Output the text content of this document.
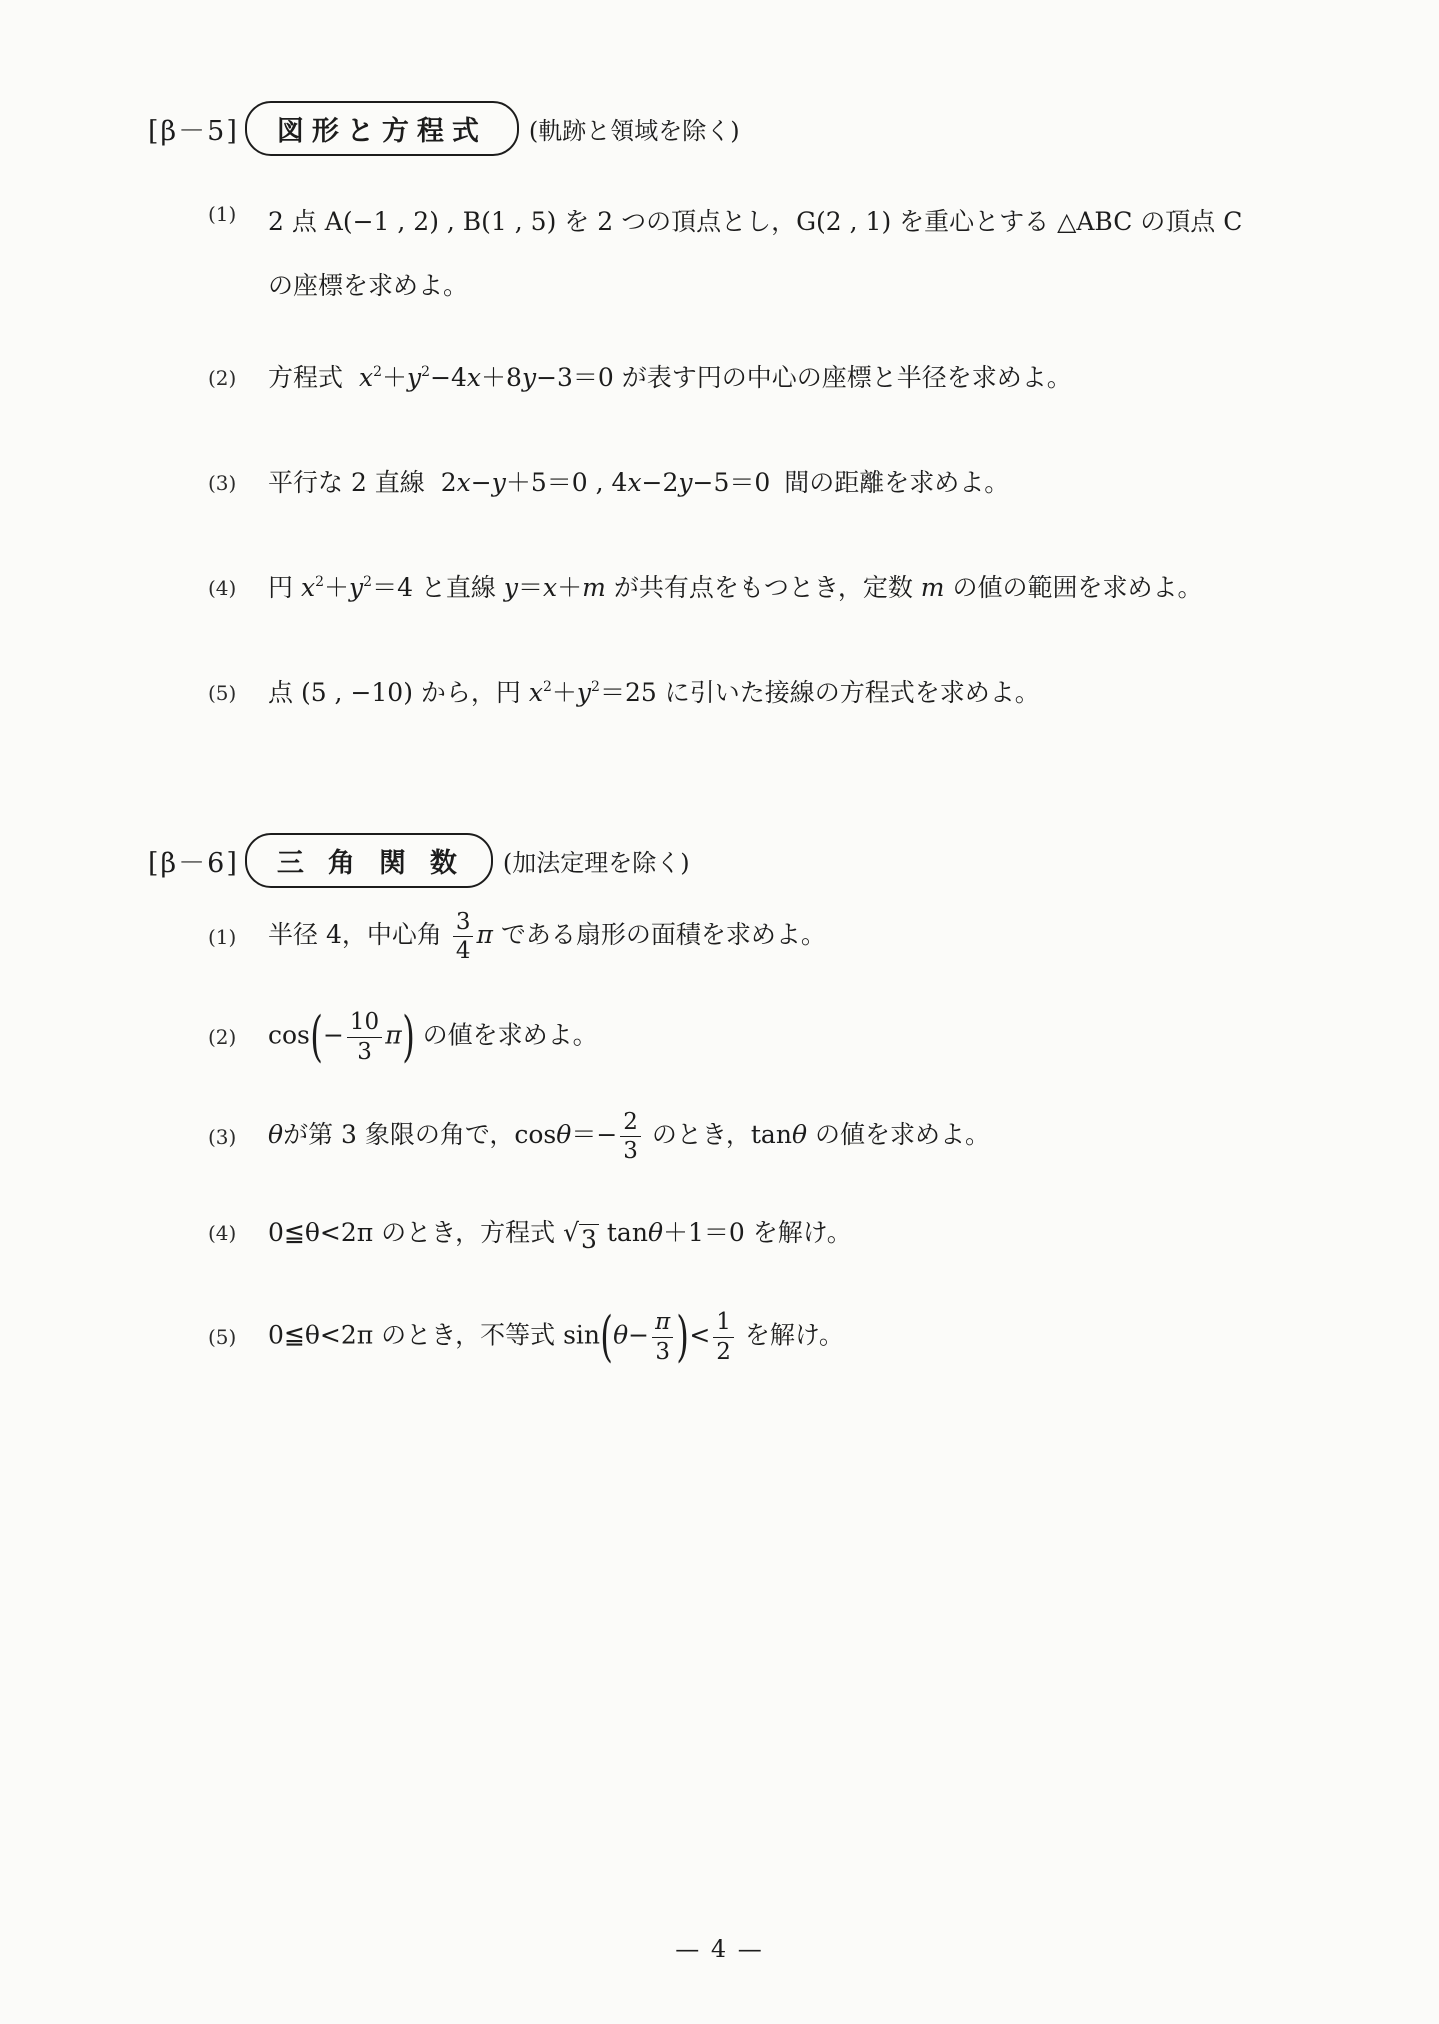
[β－5]	図形と方程式	(軌跡と領域を除く)
(1)	2 点 A(−1 , 2) , B(1 , 5) を 2 つの頂点とし，G(2 , 1) を重心とする △ABC の頂点 C
の座標を求めよ。
(2)	方程式 $x^2+y^2-4x+8y-3=0$ が表す円の中心の座標と半径を求めよ。
(3)	平行な 2 直線 2x−y＋5＝0 , 4x−2y−5＝0 間の距離を求めよ。
(4)	円 $x^2+y^2=4$ と直線 y＝x＋m が共有点をもつとき，定数 m の値の範囲を求めよ。
(5)	点 (5 , −10) から，円 $x^2+y^2=25$ に引いた接線の方程式を求めよ。
[β－6]	三角関数 (加法定理を除く)
(1)	半径 4，中心角 $\frac{3}{4}$ π である扇形の面積を求めよ。
(2)	$\cos(- \frac{10}{3} \pi)$ の値を求めよ。
(3)	θが第 3 象限の角で，$\cos\theta=- \frac{2}{3}$ のとき，tanθ の値を求めよ。
(4)	0≦θ<2π のとき，方程式 √ 3 tanθ＋1＝0 を解け。
(5)	0≦θ<2π のとき，不等式 $\sin(\theta- \frac{\pi}{3}$ )< $\frac{1}{2}$ を解け。
— 4 —
